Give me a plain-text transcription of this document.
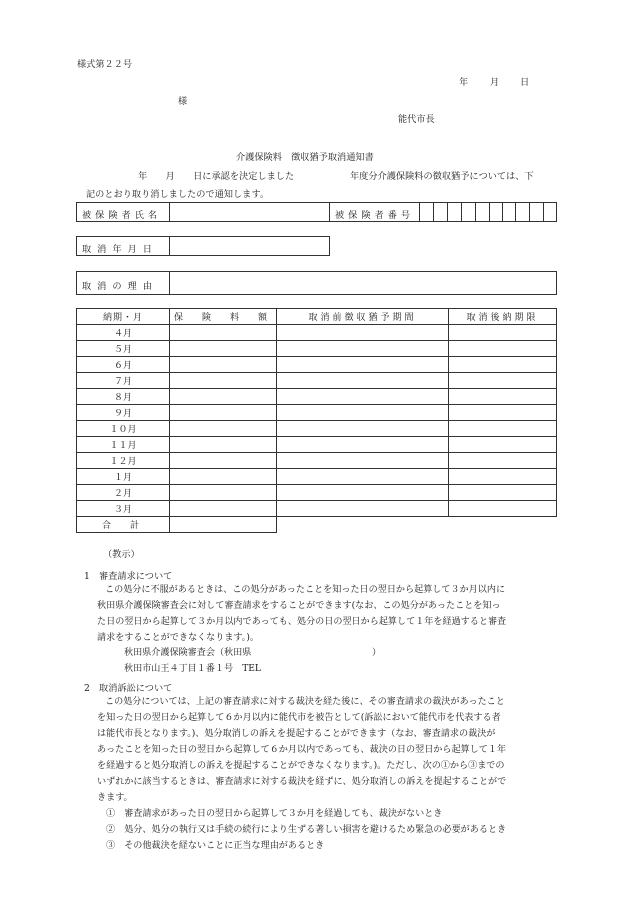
様式第２２号
年 月 日
様
能代市長
介護保険料　徴収猶予取消通知書
年　　月　　日に承認を決定しました	年度分介護保険料の徴収猶予については、下
記のとおり取り消しましたので通知します。
被保険者氏名	被保険者番号
取消年月日
取消の理由
納期・月	保　険　料　額	取消前徴収猶予期間	取消後納期限
４月			
５月			
６月			
７月			
８月			
９月			
１０月			
１１月			
１２月			
１月			
２月			
３月			
合　計			
（教示）
1　審査請求について
この処分に不服があるときは、この処分があったことを知った日の翌日から起算して３か月以内に
秋田県介護保険審査会に対して審査請求をすることができます(なお、この処分があったことを知っ
た日の翌日から起算して３か月以内であっても、処分の日の翌日から起算して１年を経過すると審査
請求をすることができなくなります。)。
秋田県介護保険審査会（秋田県	）
秋田市山王４丁目１番１号　TEL
2　取消訴訟について
この処分については、上記の審査請求に対する裁決を経た後に、その審査請求の裁決があったこと
を知った日の翌日から起算して６か月以内に能代市を被告として(訴訟において能代市を代表する者
は能代市長となります。)、処分取消しの訴えを提起することができます（なお、審査請求の裁決が
あったことを知った日の翌日から起算して６か月以内であっても、裁決の日の翌日から起算して１年
を経過すると処分取消しの訴えを提起することができなくなります。)。ただし、次の①から③までの
いずれかに該当するときは、審査請求に対する裁決を経ずに、処分取消しの訴えを提起することがで
きます。
①　審査請求があった日の翌日から起算して３か月を経過しても、裁決がないとき
②　処分、処分の執行又は手続の続行により生ずる著しい損害を避けるため緊急の必要があるとき
③　その他裁決を経ないことに正当な理由があるとき
